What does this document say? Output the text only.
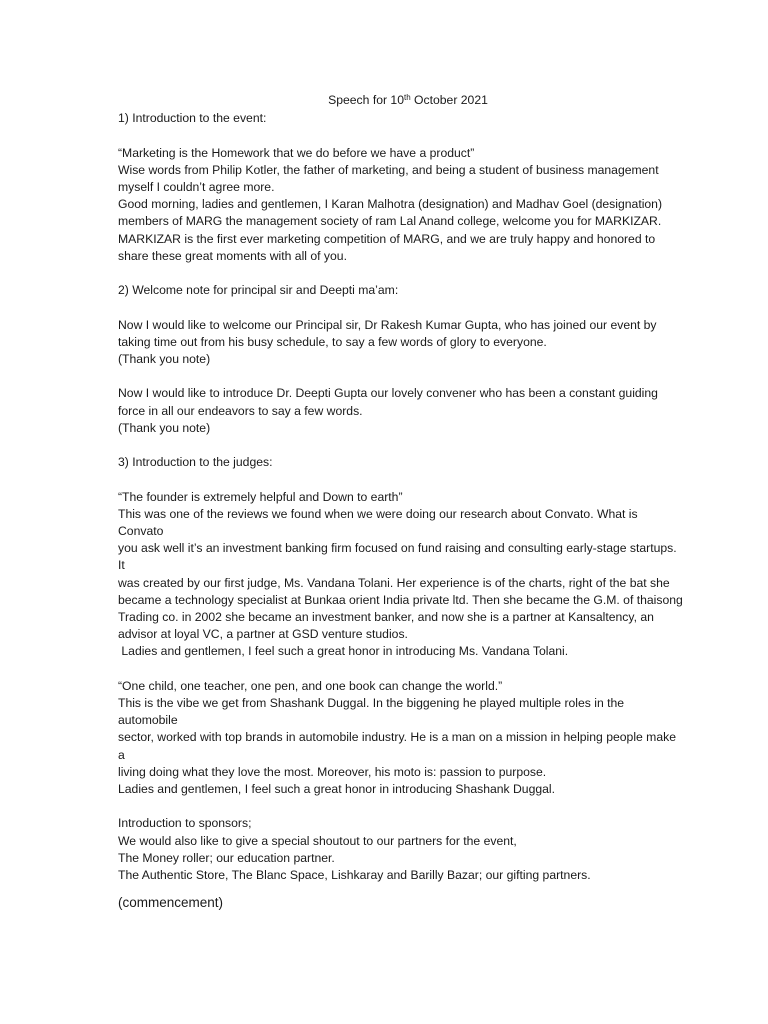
Speech for 10th October 2021

1) Introduction to the event:

“Marketing is the Homework that we do before we have a product”

Wise words from Philip Kotler, the father of marketing, and being a student of business management

myself I couldn’t agree more.

Good morning, ladies and gentlemen, I Karan Malhotra (designation) and Madhav Goel (designation)

members of MARG the management society of ram Lal Anand college, welcome you for MARKIZAR.

MARKIZAR is the first ever marketing competition of MARG, and we are truly happy and honored to

share these great moments with all of you.

2) Welcome note for principal sir and Deepti ma’am:

Now I would like to welcome our Principal sir, Dr Rakesh Kumar Gupta, who has joined our event by

taking time out from his busy schedule, to say a few words of glory to everyone.

(Thank you note)

Now I would like to introduce Dr. Deepti Gupta our lovely convener who has been a constant guiding

force in all our endeavors to say a few words.

(Thank you note)

3) Introduction to the judges:

“The founder is extremely helpful and Down to earth”

This was one of the reviews we found when we were doing our research about Convato. What is Convato

you ask well it’s an investment banking firm focused on fund raising and consulting early-stage startups. It

was created by our first judge, Ms. Vandana Tolani. Her experience is of the charts, right of the bat she

became a technology specialist at Bunkaa orient India private ltd. Then she became the G.M. of thaisong

Trading co. in 2002 she became an investment banker, and now she is a partner at Kansaltency, an

advisor at loyal VC, a partner at GSD venture studios.

Ladies and gentlemen, I feel such a great honor in introducing Ms. Vandana Tolani.

“One child, one teacher, one pen, and one book can change the world.”

This is the vibe we get from Shashank Duggal. In the biggening he played multiple roles in the automobile

sector, worked with top brands in automobile industry. He is a man on a mission in helping people make a

living doing what they love the most. Moreover, his moto is: passion to purpose.

Ladies and gentlemen, I feel such a great honor in introducing Shashank Duggal.

Introduction to sponsors;

We would also like to give a special shoutout to our partners for the event,

The Money roller; our education partner.

The Authentic Store, The Blanc Space, Lishkaray and Barilly Bazar; our gifting partners.

(commencement)
